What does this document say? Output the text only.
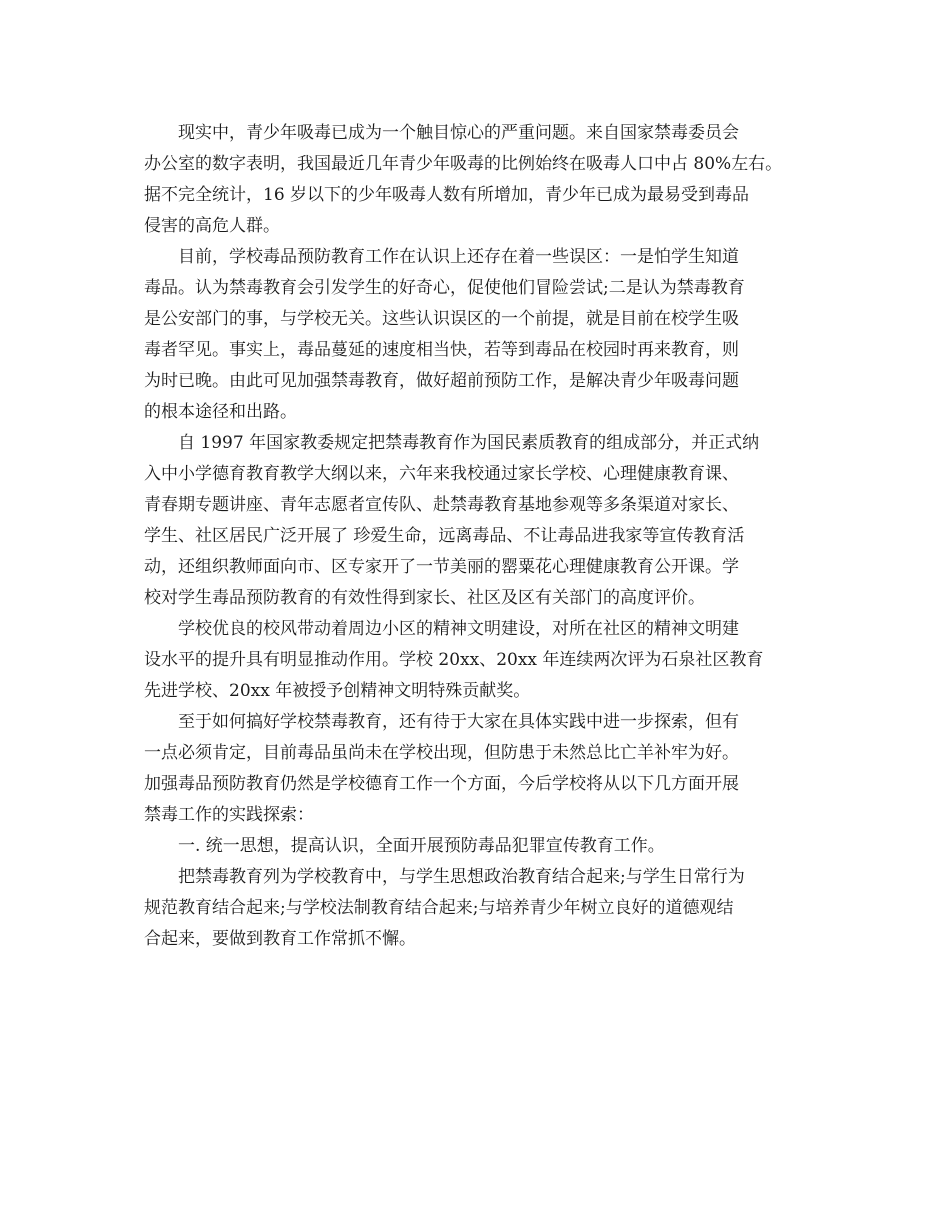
现实中，青少年吸毒已成为一个触目惊心的严重问题。来自国家禁毒委员会
办公室的数字表明，我国最近几年青少年吸毒的比例始终在吸毒人口中占 80%左右。
据不完全统计，16 岁以下的少年吸毒人数有所增加，青少年已成为最易受到毒品
侵害的高危人群。
目前，学校毒品预防教育工作在认识上还存在着一些误区：一是怕学生知道
毒品。认为禁毒教育会引发学生的好奇心，促使他们冒险尝试;二是认为禁毒教育
是公安部门的事，与学校无关。这些认识误区的一个前提，就是目前在校学生吸
毒者罕见。事实上，毒品蔓延的速度相当快，若等到毒品在校园时再来教育，则
为时已晚。由此可见加强禁毒教育，做好超前预防工作，是解决青少年吸毒问题
的根本途径和出路。
自 1997 年国家教委规定把禁毒教育作为国民素质教育的组成部分，并正式纳
入中小学德育教育教学大纲以来，六年来我校通过家长学校、心理健康教育课、
青春期专题讲座、青年志愿者宣传队、赴禁毒教育基地参观等多条渠道对家长、
学生、社区居民广泛开展了 珍爱生命，远离毒品、不让毒品进我家等宣传教育活
动，还组织教师面向市、区专家开了一节美丽的罂粟花心理健康教育公开课。学
校对学生毒品预防教育的有效性得到家长、社区及区有关部门的高度评价。
学校优良的校风带动着周边小区的精神文明建设，对所在社区的精神文明建
设水平的提升具有明显推动作用。学校 20xx、20xx 年连续两次评为石泉社区教育
先进学校、20xx 年被授予创精神文明特殊贡献奖。
至于如何搞好学校禁毒教育，还有待于大家在具体实践中进一步探索，但有
一点必须肯定，目前毒品虽尚未在学校出现，但防患于未然总比亡羊补牢为好。
加强毒品预防教育仍然是学校德育工作一个方面，今后学校将从以下几方面开展
禁毒工作的实践探索：
一. 统一思想，提高认识，全面开展预防毒品犯罪宣传教育工作。
把禁毒教育列为学校教育中，与学生思想政治教育结合起来;与学生日常行为
规范教育结合起来;与学校法制教育结合起来;与培养青少年树立良好的道德观结
合起来，要做到教育工作常抓不懈。
